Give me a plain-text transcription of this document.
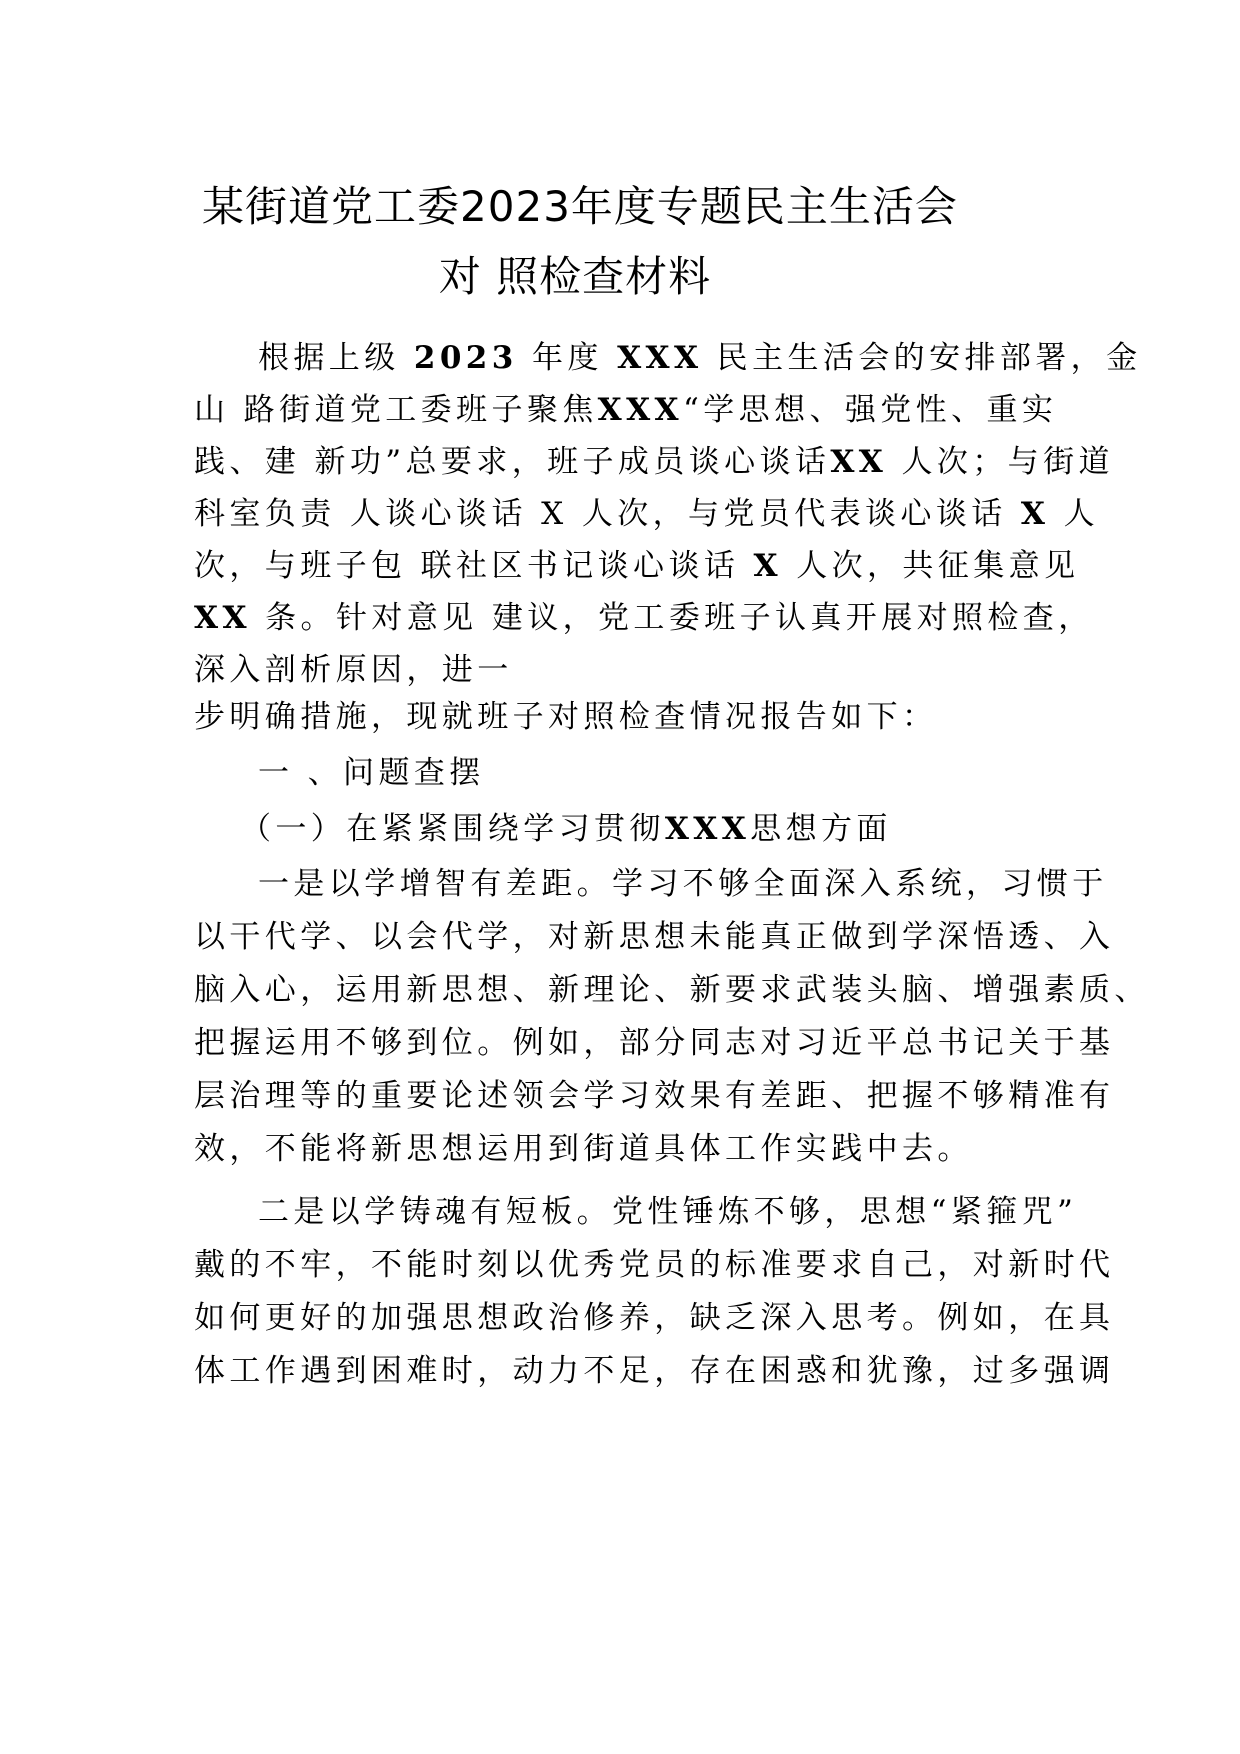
某街道党工委2023年度专题民主生活会
对 照检查材料
根据上级 2023 年度 XXX 民主生活会的安排部署，金
山 路街道党工委班子聚焦XXX“学思想、强党性、重实
践、建 新功”总要求，班子成员谈心谈话XX 人次；与街道
科室负责 人谈心谈话 X 人次，与党员代表谈心谈话 X 人
次，与班子包 联社区书记谈心谈话 X 人次，共征集意见
XX 条。针对意见 建议，党工委班子认真开展对照检查，
深入剖析原因，进一
步明确措施，现就班子对照检查情况报告如下：
一 、问题查摆
（一）在紧紧围绕学习贯彻XXX思想方面
一是以学增智有差距。学习不够全面深入系统，习惯于
以干代学、以会代学，对新思想未能真正做到学深悟透、入
脑入心，运用新思想、新理论、新要求武装头脑、增强素质、
把握运用不够到位。例如，部分同志对习近平总书记关于基
层治理等的重要论述领会学习效果有差距、把握不够精准有
效，不能将新思想运用到街道具体工作实践中去。
二是以学铸魂有短板。党性锤炼不够，思想“紧箍咒”
戴的不牢，不能时刻以优秀党员的标准要求自己，对新时代
如何更好的加强思想政治修养，缺乏深入思考。例如，在具
体工作遇到困难时，动力不足，存在困惑和犹豫，过多强调
